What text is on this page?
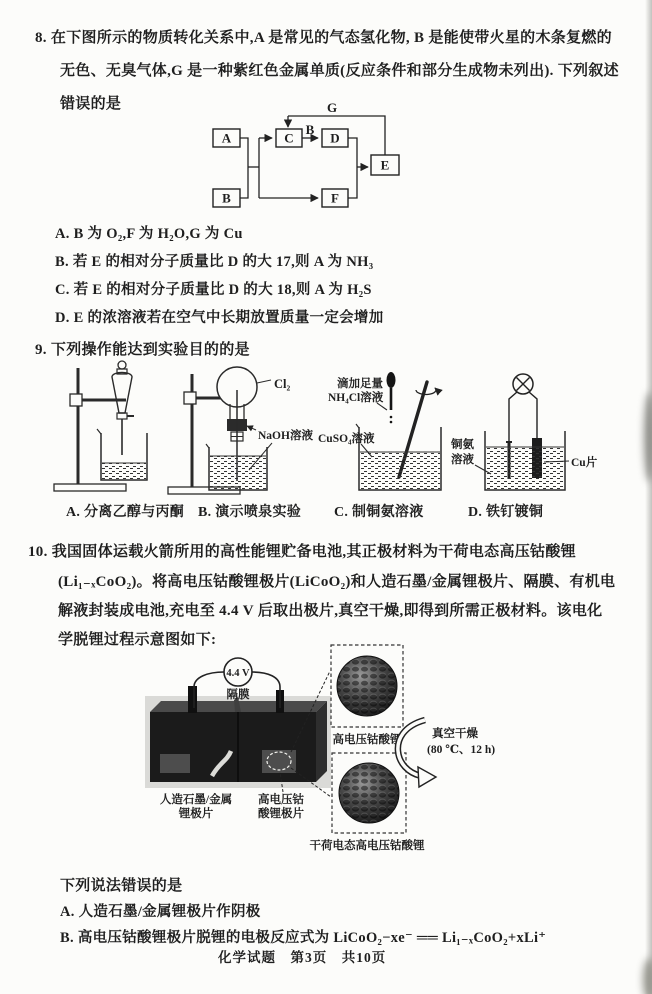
8. 在下图所示的物质转化关系中,A 是常见的气态氢化物, B 是能使带火星的木条复燃的
无色、无臭气体,G 是一种紫红色金属单质(反应条件和部分生成物未列出). 下列叙述
错误的是
A
B
C	D
E
F
G
B
A. B 为 O₂,F 为 H₂O,G 为 Cu
B. 若 E 的相对分子质量比 D 的大 17,则 A 为 NH₃
C. 若 E 的相对分子质量比 D 的大 18,则 A 为 H₂S
D. E 的浓溶液若在空气中长期放置质量一定会增加
9. 下列操作能达到实验目的的是
Cl₂
NaOH溶液
滴加足量
NH₄Cl溶液
CuSO₄溶液	铜氨
溶液	Cu片
A. 分离乙醇与丙酮 B. 演示喷泉实验 C. 制铜氨溶液	D. 铁钉镀铜
10. 我国固体运载火箭所用的高性能锂贮备电池,其正极材料为干荷电态高压钴酸锂
(Li₁₋ₓCoO₂)。将高电压钴酸锂极片(LiCoO₂)和人造石墨/金属锂极片、隔膜、有机电
解液封装成电池,充电至 4.4 V 后取出极片,真空干燥,即得到所需正极材料。该电化
学脱锂过程示意图如下:
4.4 V
隔膜
人造石墨/金属
锂极片
高电压钴
酸锂极片
高电压钴酸锂
干荷电态高电压钴酸锂
真空干燥
(80 ℃、12 h)
下列说法错误的是
A. 人造石墨/金属锂极片作阴极
B. 高电压钴酸锂极片脱锂的电极反应式为 LiCoO₂−xe⁻ ══ Li₁₋ₓCoO₂+xLi⁺
化学试题　第3页　共10页
